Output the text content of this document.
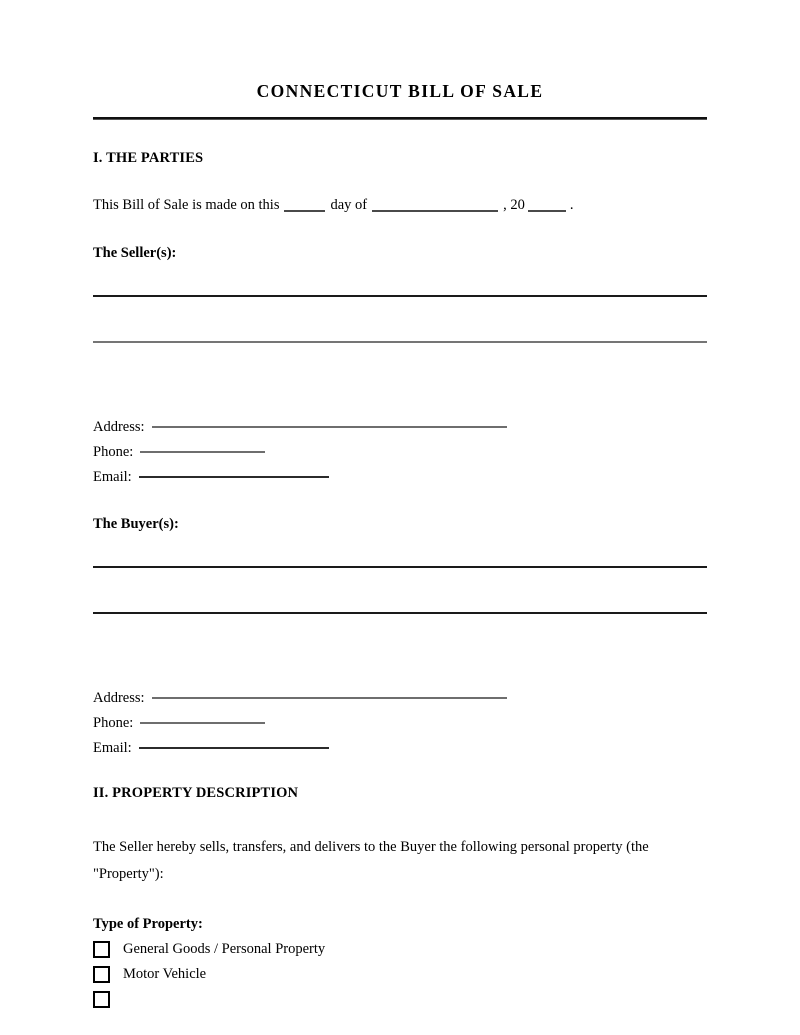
CONNECTICUT BILL OF SALE
I. THE PARTIES
This Bill of Sale is made on this	day of	, 20	.
The Seller(s):
Address:
Phone:
Email:
The Buyer(s):
Address:
Phone:
Email:
II. PROPERTY DESCRIPTION
The Seller hereby sells, transfers, and delivers to the Buyer the following personal property (the "Property"):
Type of Property:
General Goods / Personal Property
Motor Vehicle
